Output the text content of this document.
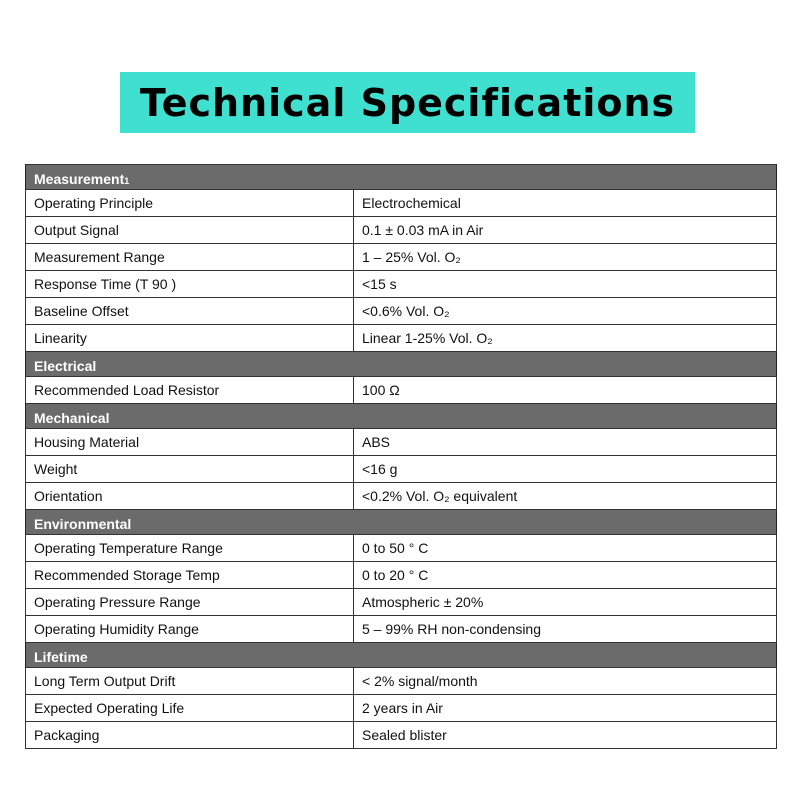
Technical Specifications
Measurement1	
Operating Principle	Electrochemical
Output Signal	0.1 ± 0.03 mA in Air
Measurement Range	1 – 25% Vol. O₂
Response Time (T 90 )	<15 s
Baseline Offset	<0.6% Vol. O₂
Linearity	Linear 1-25% Vol. O₂
Electrical	
Recommended Load Resistor	100 Ω
Mechanical	
Housing Material	ABS
Weight	<16 g
Orientation	<0.2% Vol. O₂ equivalent
Environmental	
Operating Temperature Range	0 to 50 ° C
Recommended Storage Temp	0 to 20 ° C
Operating Pressure Range	Atmospheric ± 20%
Operating Humidity Range	5 – 99% RH non-condensing
Lifetime	
Long Term Output Drift	< 2% signal/month
Expected Operating Life	2 years in Air
Packaging	Sealed blister
